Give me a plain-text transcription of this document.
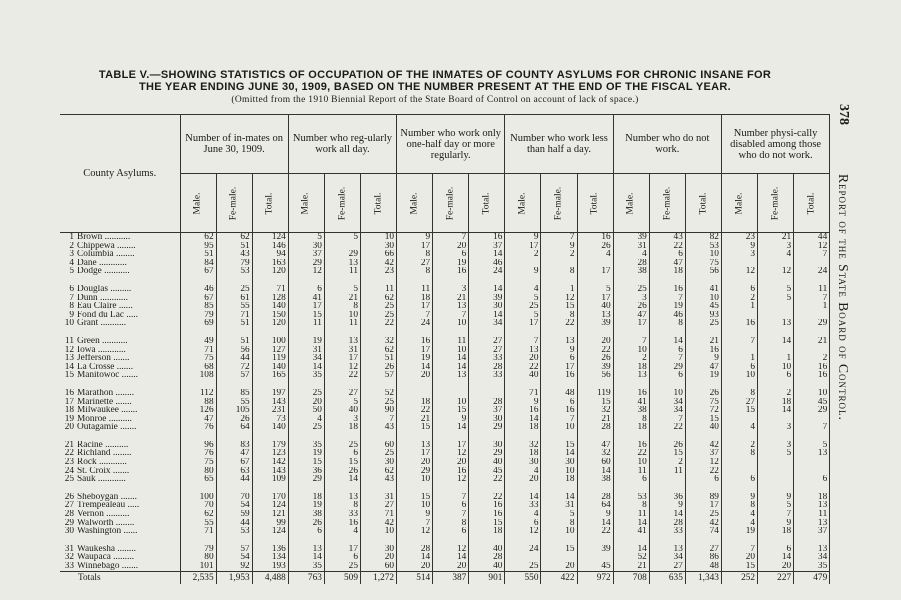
TABLE V.—SHOWING STATISTICS OF OCCUPATION OF THE INMATES OF COUNTY ASYLUMS FOR CHRONIC INSANE FOR
THE YEAR ENDING JUNE 30, 1909, BASED ON THE NUMBER PRESENT AT THE END OF THE FISCAL YEAR.
(Omitted from the 1910 Biennial Report of the State Board of Control on account of lack of space.)
378
Report of the State Board of Control.
County Asylums.	Number of in-mates on June 30, 1909.			Number who reg-ularly work all day.			Number who work only one-half day or more regularly.			Number who work less than half a day.			Number who do not work.			Number physi-cally disabled among those who do not work.		
	Male.	Fe-male.	Total.	Male.	Fe-male.	Total.	Male.	Fe-male.	Total.	Male.	Fe-male.	Total.	Male.	Fe-male.	Total.	Male.	Fe-male.	Total.
1 Brown ...........	62	62	124	5	5	10	9	7	16	9	7	16	39	43	82	23	21	44
2 Chippewa ........	95	51	146	30		30	17	20	37	17	9	26	31	22	53	9	3	12
3 Columbia ........	51	43	94	37	29	66	8	6	14	2	2	4	4	6	10	3	4	7
4 Dane ............	84	79	163	29	13	42	27	19	46				28	47	75			
5 Dodge ...........	67	53	120	12	11	23	8	16	24	9	8	17	38	18	56	12	12	24

6 Douglas .........	46	25	71	6	5	11	11	3	14	4	1	5	25	16	41	6	5	11
7 Dunn ............	67	61	128	41	21	62	18	21	39	5	12	17	3	7	10	2	5	7
8 Eau Claire ......	85	55	140	17	8	25	17	13	30	25	15	40	26	19	45	1		1
9 Fond du Lac .....	79	71	150	15	10	25	7	7	14	5	8	13	47	46	93			
10 Grant ...........	69	51	120	11	11	22	24	10	34	17	22	39	17	8	25	16	13	29

11 Green ...........	49	51	100	19	13	32	16	11	27	7	13	20	7	14	21	7	14	21
12 Iowa ............	71	56	127	31	31	62	17	10	27	13	9	22	10	6	16			
13 Jefferson .......	75	44	119	34	17	51	19	14	33	20	6	26	2	7	9	1	1	2
14 La Crosse .......	68	72	140	14	12	26	14	14	28	22	17	39	18	29	47	6	10	16
15 Manitowoc .......	108	57	165	35	22	57	20	13	33	40	16	56	13	6	19	10	6	16

16 Marathon ........	112	85	197	25	27	52				71	48	119	16	10	26	8	2	10
17 Marinette .......	88	55	143	20	5	25	18	10	28	9	6	15	41	34	75	27	18	45
18 Milwaukee .......	126	105	231	50	40	90	22	15	37	16	16	32	38	34	72	15	14	29
19 Monroe ..........	47	26	73	4	3	7	21	9	30	14	7	21	8	7	15			
20 Outagamie .......	76	64	140	25	18	43	15	14	29	18	10	28	18	22	40	4	3	7

21 Racine ..........	96	83	179	35	25	60	13	17	30	32	15	47	16	26	42	2	3	5
22 Richland ........	76	47	123	19	6	25	17	12	29	18	14	32	22	15	37	8	5	13
23 Rock ............	75	67	142	15	15	30	20	20	40	30	30	60	10	2	12			
24 St. Croix .......	80	63	143	36	26	62	29	16	45	4	10	14	11	11	22			
25 Sauk ............	65	44	109	29	14	43	10	12	22	20	18	38	6		6	6		6

26 Sheboygan .......	100	70	170	18	13	31	15	7	22	14	14	28	53	36	89	9	9	18
27 Trempealeau .....	70	54	124	19	8	27	10	6	16	33	31	64	8	9	17	8	5	13
28 Vernon ..........	62	59	121	38	33	71	9	7	16	4	5	9	11	14	25	4	7	11
29 Walworth ........	55	44	99	26	16	42	7	8	15	6	8	14	14	28	42	4	9	13
30 Washington ......	71	53	124	6	4	10	12	6	18	12	10	22	41	33	74	19	18	37

31 Waukesha ........	79	57	136	13	17	30	28	12	40	24	15	39	14	13	27	7	6	13
32 Waupaca .........	80	54	134	14	6	20	14	14	28				52	34	86	20	14	34
33 Winnebago .......	101	92	193	35	25	60	20	20	40	25	20	45	21	27	48	15	20	35
Totals	2,535	1,953	4,488	763	509	1,272	514	387	901	550	422	972	708	635	1,343	252	227	479
